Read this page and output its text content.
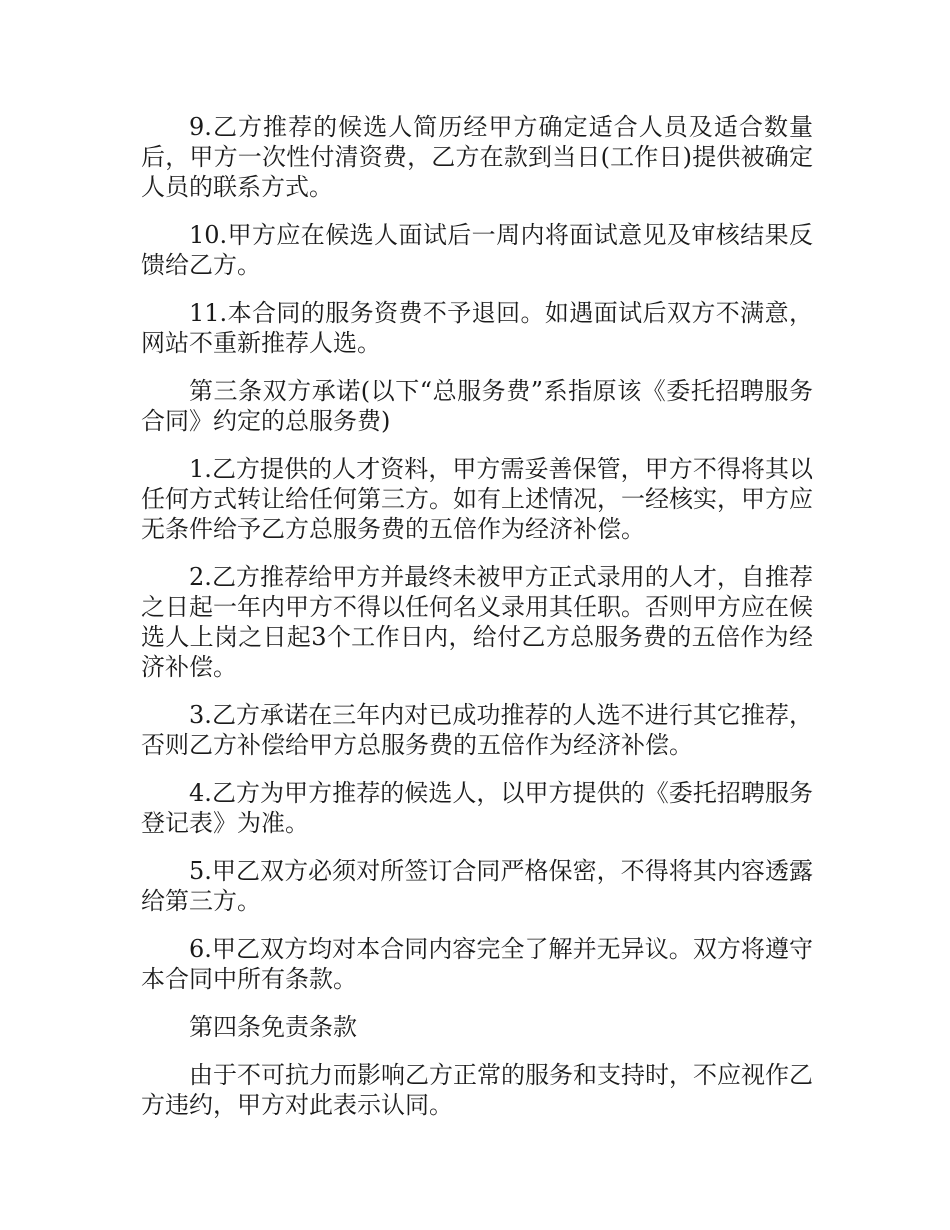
9.乙方推荐的候选人简历经甲方确定适合人员及适合数量后，甲方一次性付清资费，乙方在款到当日(工作日)提供被确定人员的联系方式。

10.甲方应在候选人面试后一周内将面试意见及审核结果反馈给乙方。

11.本合同的服务资费不予退回。如遇面试后双方不满意，网站不重新推荐人选。

第三条双方承诺(以下“总服务费”系指原该《委托招聘服务合同》约定的总服务费)

1.乙方提供的人才资料，甲方需妥善保管，甲方不得将其以任何方式转让给任何第三方。如有上述情况，一经核实，甲方应无条件给予乙方总服务费的五倍作为经济补偿。

2.乙方推荐给甲方并最终未被甲方正式录用的人才，自推荐之日起一年内甲方不得以任何名义录用其任职。否则甲方应在候选人上岗之日起3个工作日内，给付乙方总服务费的五倍作为经济补偿。

3.乙方承诺在三年内对已成功推荐的人选不进行其它推荐，否则乙方补偿给甲方总服务费的五倍作为经济补偿。

4.乙方为甲方推荐的候选人，以甲方提供的《委托招聘服务登记表》为准。

5.甲乙双方必须对所签订合同严格保密，不得将其内容透露给第三方。

6.甲乙双方均对本合同内容完全了解并无异议。双方将遵守本合同中所有条款。

第四条免责条款

由于不可抗力而影响乙方正常的服务和支持时，不应视作乙方违约，甲方对此表示认同。
